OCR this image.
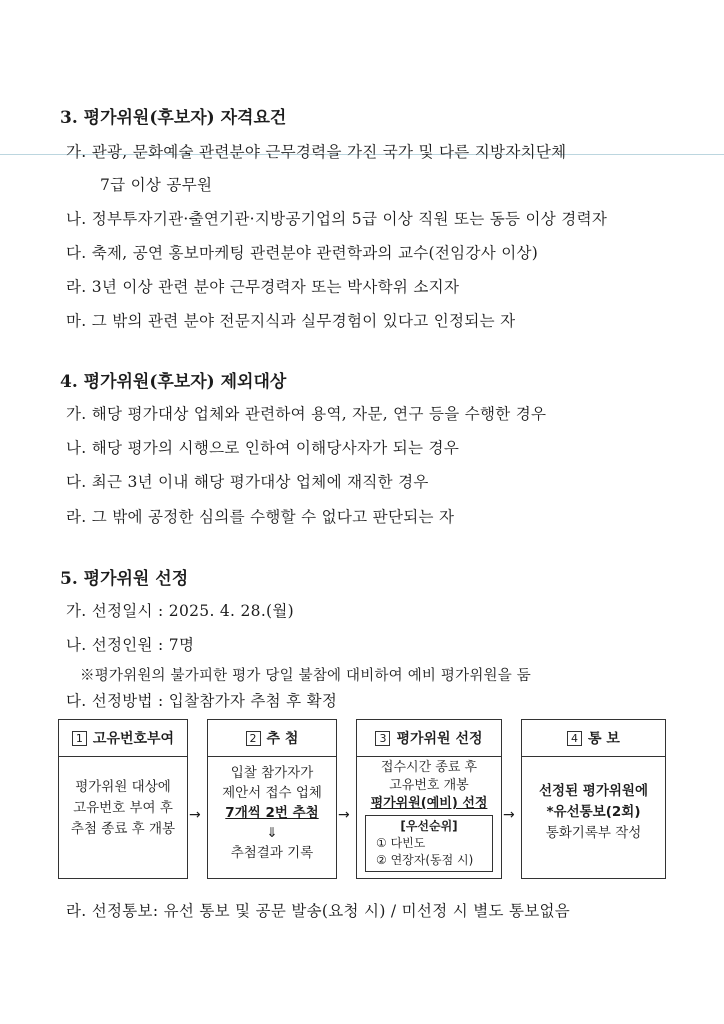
3. 평가위원(후보자) 자격요건
가. 관광, 문화예술 관련분야 근무경력을 가진 국가 및 다른 지방자치단체
7급 이상 공무원
나. 정부투자기관·출연기관·지방공기업의 5급 이상 직원 또는 동등 이상 경력자
다. 축제, 공연 홍보마케팅 관련분야 관련학과의 교수(전임강사 이상)
라. 3년 이상 관련 분야 근무경력자 또는 박사학위 소지자
마. 그 밖의 관련 분야 전문지식과 실무경험이 있다고 인정되는 자
4. 평가위원(후보자) 제외대상
가. 해당 평가대상 업체와 관련하여 용역, 자문, 연구 등을 수행한 경우
나. 해당 평가의 시행으로 인하여 이해당사자가 되는 경우
다. 최근 3년 이내 해당 평가대상 업체에 재직한 경우
라. 그 밖에 공정한 심의를 수행할 수 없다고 판단되는 자
5. 평가위원 선정
가. 선정일시 : 2025. 4. 28.(월)
나. 선정인원 : 7명
※평가위원의 불가피한 평가 당일 불참에 대비하여 예비 평가위원을 둠
다. 선정방법 : 입찰참가자 추첨 후 확정
1 고유번호부여
평가위원 대상에
고유번호 부여 후
추첨 종료 후 개봉
→
2 추 첨
입찰 참가자가
제안서 접수 업체
7개씩 2번 추첨
⇓
추첨결과 기록
→
3 평가위원 선정
접수시간 종료 후
고유번호 개봉
평가위원(예비) 선정
[우선순위]
① 다빈도
② 연장자(동점 시)
→
4 통 보
선정된 평가위원에
*유선통보(2회)
통화기록부 작성
라. 선정통보: 유선 통보 및 공문 발송(요청 시) / 미선정 시 별도 통보없음
